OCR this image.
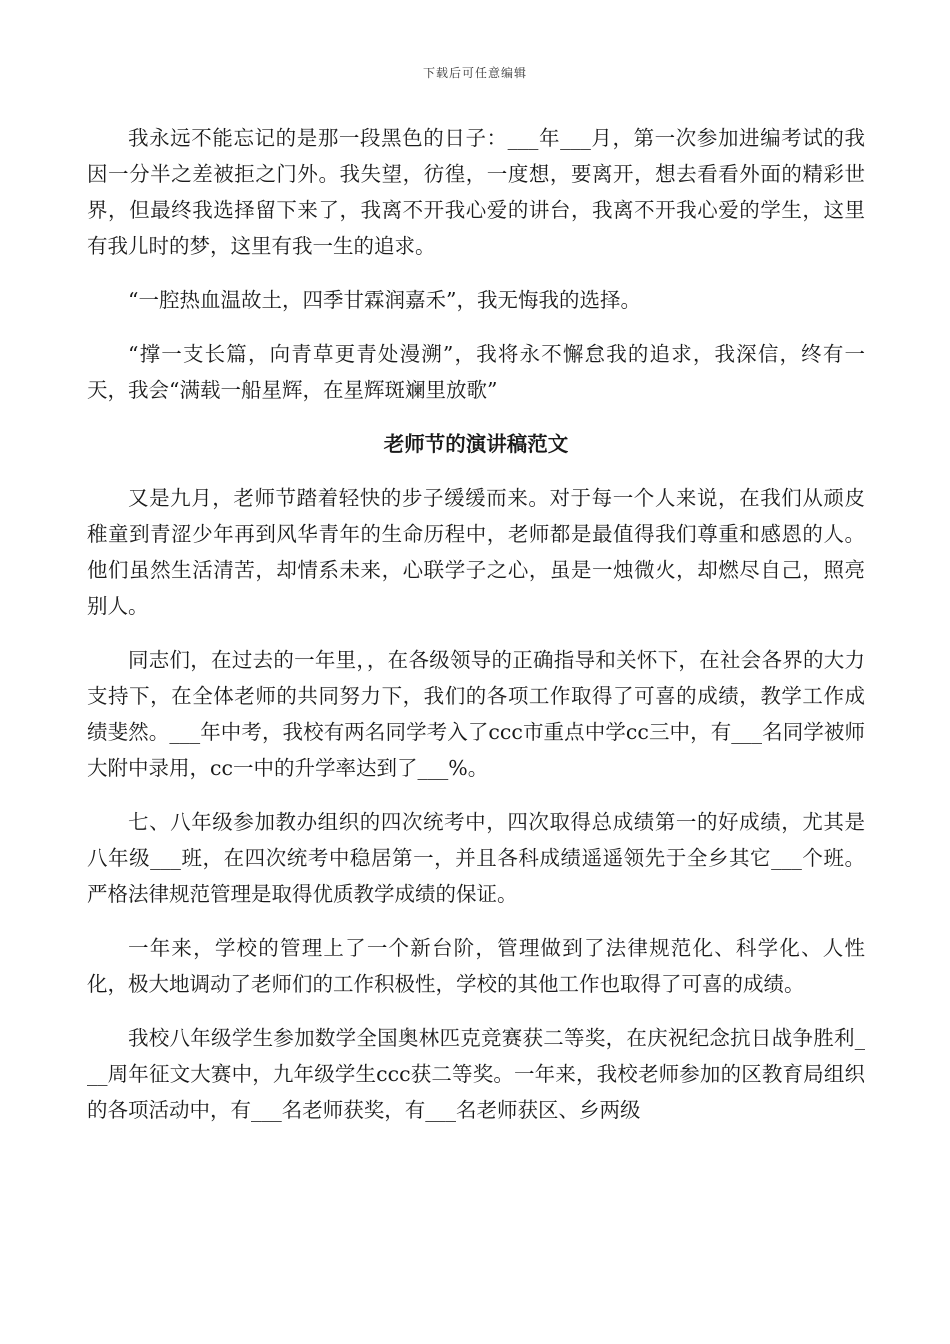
下载后可任意编辑

我永远不能忘记的是那一段黑色的日子：___年___月，第一次参加进编考试的我因一分半之差被拒之门外。我失望，彷徨，一度想，要离开，想去看看外面的精彩世界，但最终我选择留下来了，我离不开我心爱的讲台，我离不开我心爱的学生，这里有我儿时的梦，这里有我一生的追求。

“一腔热血温故土，四季甘霖润嘉禾”，我无悔我的选择。

“撑一支长篇，向青草更青处漫溯”，我将永不懈怠我的追求，我深信，终有一天，我会“满载一船星辉，在星辉斑斓里放歌”

老师节的演讲稿范文

又是九月，老师节踏着轻快的步子缓缓而来。对于每一个人来说，在我们从顽皮稚童到青涩少年再到风华青年的生命历程中，老师都是最值得我们尊重和感恩的人。他们虽然生活清苦，却情系未来，心联学子之心，虽是一烛微火，却燃尽自己，照亮别人。

同志们，在过去的一年里，，在各级领导的正确指导和关怀下，在社会各界的大力支持下，在全体老师的共同努力下，我们的各项工作取得了可喜的成绩，教学工作成绩斐然。___年中考，我校有两名同学考入了ccc市重点中学cc三中，有___名同学被师大附中录用，cc一中的升学率达到了___%。

七、八年级参加教办组织的四次统考中，四次取得总成绩第一的好成绩，尤其是八年级___班，在四次统考中稳居第一，并且各科成绩遥遥领先于全乡其它___个班。严格法律规范管理是取得优质教学成绩的保证。

一年来，学校的管理上了一个新台阶，管理做到了法律规范化、科学化、人性化，极大地调动了老师们的工作积极性，学校的其他工作也取得了可喜的成绩。

我校八年级学生参加数学全国奥林匹克竞赛获二等奖，在庆祝纪念抗日战争胜利___周年征文大赛中，九年级学生ccc获二等奖。一年来，我校老师参加的区教育局组织的各项活动中，有___名老师获奖，有___名老师获区、乡两级
